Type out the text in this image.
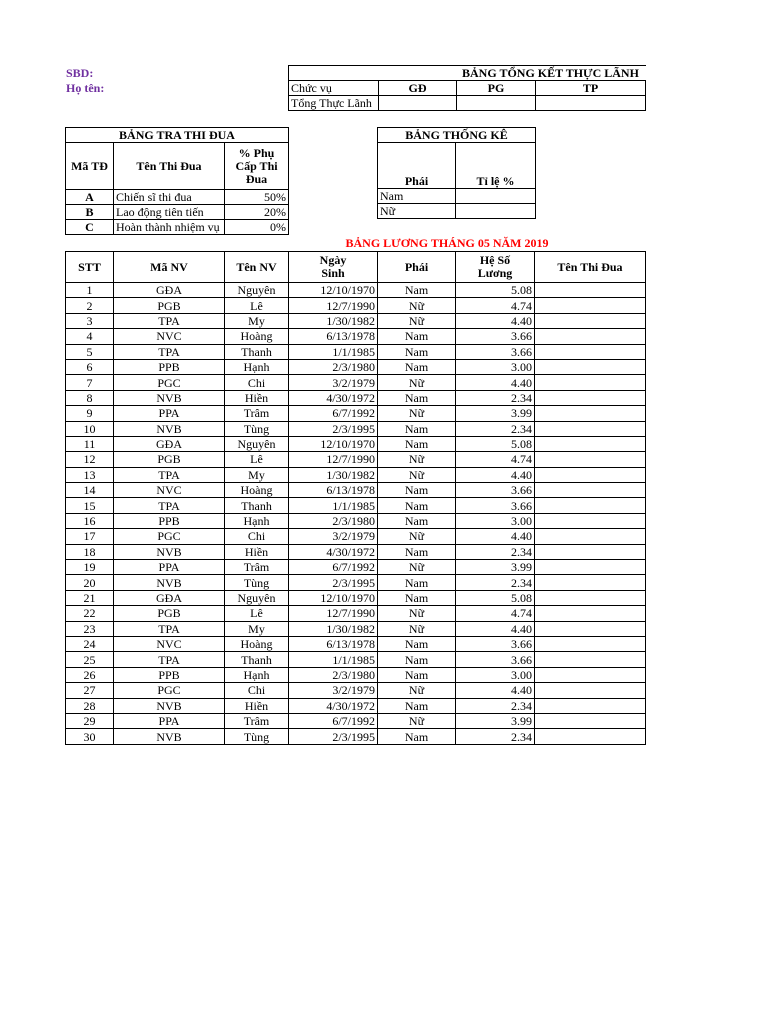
SBD:
Họ tên:
BẢNG TỔNG KẾT THỰC LÃNH			
Chức vụ	GĐ	PG	TP
Tổng Thực Lãnh			
BẢNG TRA THI ĐUA		
Mã TĐ	Tên Thi Đua	% Phụ Cấp Thi Đua
A	Chiến sĩ thi đua	50%
B	Lao động tiên tiến	20%
C	Hoàn thành nhiệm vụ	0%
BẢNG THỐNG KÊ	
Phái	Tỉ lệ %
Nam	
Nữ	
BẢNG LƯƠNG THÁNG 05 NĂM 2019
STT	Mã NV	Tên NV	Ngày Sinh	Phái	Hệ Số Lương	Tên Thi Đua
1	GĐA	Nguyên	12/10/1970	Nam	5.08	
2	PGB	Lê	12/7/1990	Nữ	4.74	
3	TPA	My	1/30/1982	Nữ	4.40	
4	NVC	Hoàng	6/13/1978	Nam	3.66	
5	TPA	Thanh	1/1/1985	Nam	3.66	
6	PPB	Hạnh	2/3/1980	Nam	3.00	
7	PGC	Chi	3/2/1979	Nữ	4.40	
8	NVB	Hiền	4/30/1972	Nam	2.34	
9	PPA	Trâm	6/7/1992	Nữ	3.99	
10	NVB	Tùng	2/3/1995	Nam	2.34	
11	GĐA	Nguyên	12/10/1970	Nam	5.08	
12	PGB	Lê	12/7/1990	Nữ	4.74	
13	TPA	My	1/30/1982	Nữ	4.40	
14	NVC	Hoàng	6/13/1978	Nam	3.66	
15	TPA	Thanh	1/1/1985	Nam	3.66	
16	PPB	Hạnh	2/3/1980	Nam	3.00	
17	PGC	Chi	3/2/1979	Nữ	4.40	
18	NVB	Hiền	4/30/1972	Nam	2.34	
19	PPA	Trâm	6/7/1992	Nữ	3.99	
20	NVB	Tùng	2/3/1995	Nam	2.34	
21	GĐA	Nguyên	12/10/1970	Nam	5.08	
22	PGB	Lê	12/7/1990	Nữ	4.74	
23	TPA	My	1/30/1982	Nữ	4.40	
24	NVC	Hoàng	6/13/1978	Nam	3.66	
25	TPA	Thanh	1/1/1985	Nam	3.66	
26	PPB	Hạnh	2/3/1980	Nam	3.00	
27	PGC	Chi	3/2/1979	Nữ	4.40	
28	NVB	Hiền	4/30/1972	Nam	2.34	
29	PPA	Trâm	6/7/1992	Nữ	3.99	
30	NVB	Tùng	2/3/1995	Nam	2.34	
